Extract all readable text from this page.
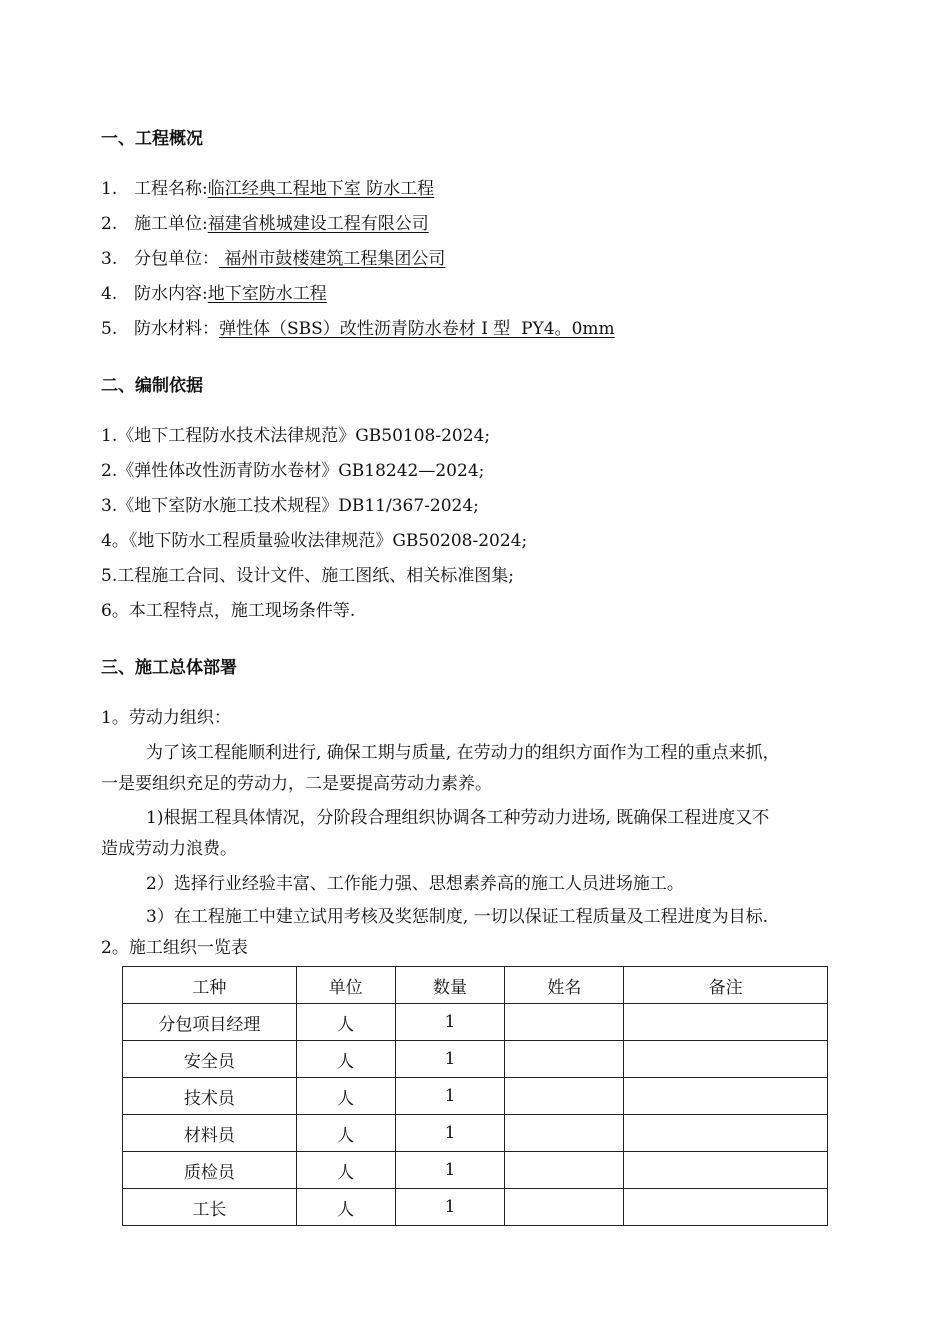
一、工程概况
1. 工程名称:临江经典工程地下室 防水工程
2. 施工单位:福建省桃城建设工程有限公司
3. 分包单位： 福州市鼓楼建筑工程集团公司
4. 防水内容:地下室防水工程
5. 防水材料：弹性体（SBS）改性沥青防水卷材 I 型  PY4。0mm
二、编制依据
1.《地下工程防水技术法律规范》GB50108-2024;
2.《弹性体改性沥青防水卷材》GB18242—2024;
3.《地下室防水施工技术规程》DB11/367-2024;
4。《地下防水工程质量验收法律规范》GB50208-2024;
5.工程施工合同、设计文件、施工图纸、相关标准图集;
6。本工程特点，施工现场条件等.
三、施工总体部署
1。劳动力组织：
为了该工程能顺利进行, 确保工期与质量, 在劳动力的组织方面作为工程的重点来抓，
一是要组织充足的劳动力，二是要提高劳动力素养。
1)根据工程具体情况，分阶段合理组织协调各工种劳动力进场, 既确保工程进度又不
造成劳动力浪费。
2）选择行业经验丰富、工作能力强、思想素养高的施工人员进场施工。
3）在工程施工中建立试用考核及奖惩制度, 一切以保证工程质量及工程进度为目标.
2。施工组织一览表
工种	单位	数量	姓名	备注
分包项目经理	人	1		
安全员	人	1		
技术员	人	1		
材料员	人	1		
质检员	人	1		
工长	人	1		
